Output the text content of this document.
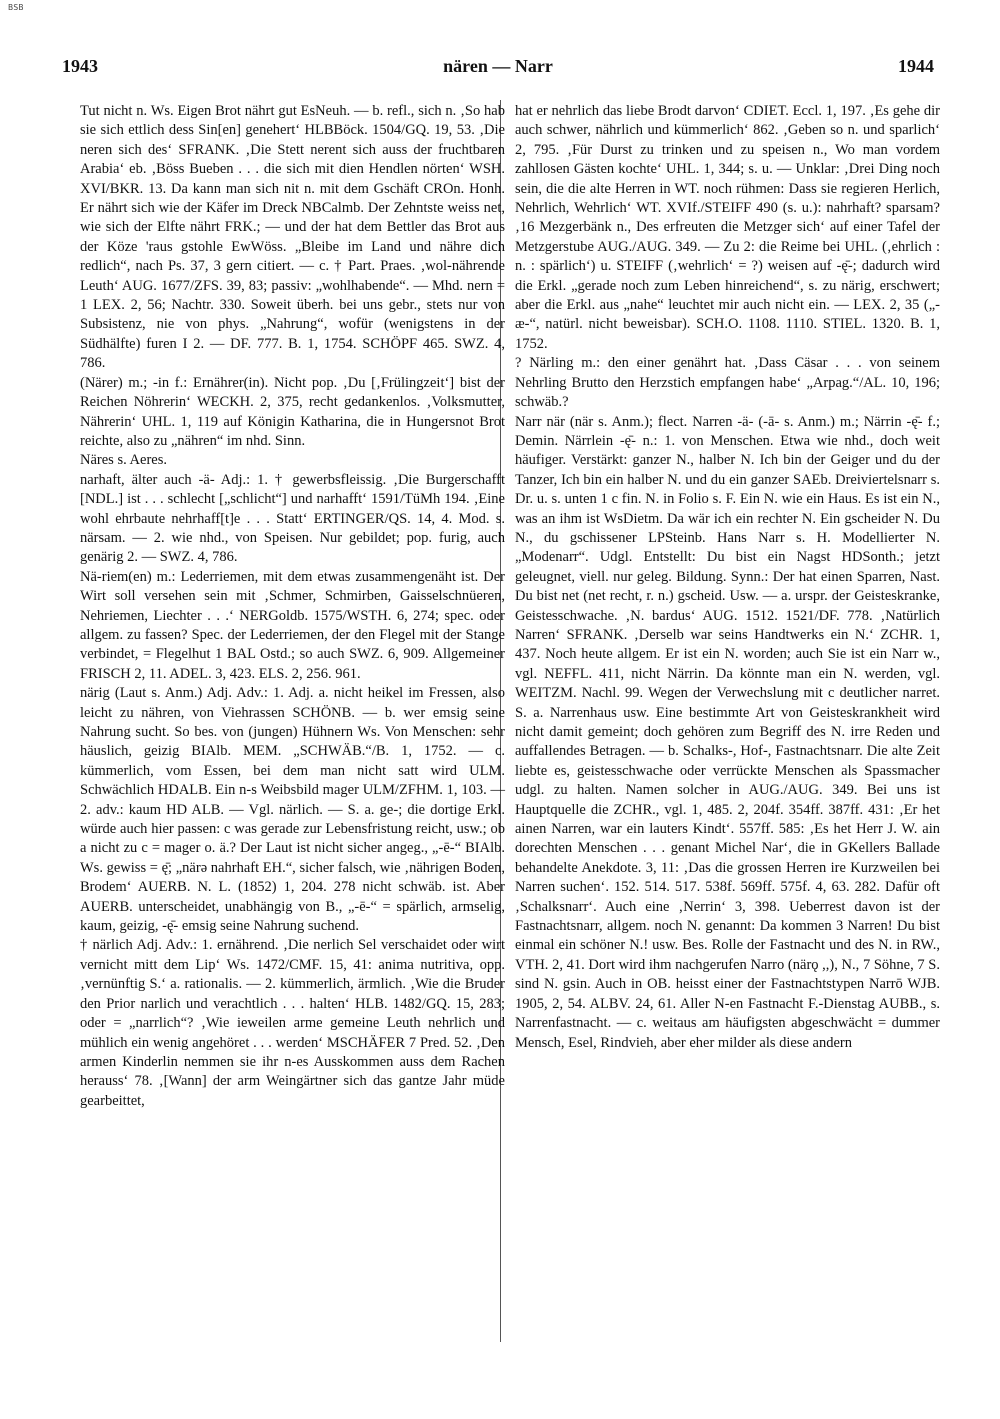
BSB
1943	nären — Narr	1944

Tut nicht n. Ws. Eigen Brot nährt gut EsNeuh. — b. refl., sich n. ‚So hab sie sich ettlich dess Sin[en] genehert‘ HLBBöck. 1504/GQ. 19, 53. ‚Die neren sich des‘ SFRANK. ‚Die Stett nerent sich auss der fruchtbaren Arabia‘ eb. ‚Böss Bueben . . . die sich mit dien Hendlen nörten‘ WSH. XVI/BKR. 13. Da kann man sich nit n. mit dem Gschäft CROn. Honh. Er nährt sich wie der Käfer im Dreck NBCalmb. Der Zehntste weiss net, wie sich der Elfte nährt FRK.; — und der hat dem Bettler das Brot aus der Köze 'raus gstohle EwWöss. „Bleibe im Land und nähre dich redlich“, nach Ps. 37, 3 gern citiert. — c. † Part. Praes. ‚wol-nährende Leuth‘ AUG. 1677/ZFS. 39, 83; passiv: „wohlhabende“. — Mhd. nern = 1 LEX. 2, 56; Nachtr. 330. Soweit überh. bei uns gebr., stets nur von Subsistenz, nie von phys. „Nahrung“, wofür (wenigstens in der Südhälfte) furen I 2. — DF. 777. B. 1, 1754. SCHÖPF 465. SWZ. 4, 786.

(Närer) m.; -in f.: Ernährer(in). Nicht pop. ‚Du [‚Frülingzeit‘] bist der Reichen Nöhrerin‘ WECKH. 2, 375, recht gedankenlos. ‚Volksmutter, Nährerin‘ UHL. 1, 119 auf Königin Katharina, die in Hungersnot Brot reichte, also zu „nähren“ im nhd. Sinn.

Näres s. Aeres.

narhaft, älter auch -ä- Adj.: 1. † gewerbsfleissig. ‚Die Burgerschafft [NDL.] ist . . . schlecht [„schlicht“] und narhafft‘ 1591/TüMh 194. ‚Eine wohl ehrbaute nehrhaff[t]e . . . Statt‘ ERTINGER/QS. 14, 4. Mod. s. närsam. — 2. wie nhd., von Speisen. Nur gebildet; pop. furig, auch genärig 2. — SWZ. 4, 786.

Nä-riem(en) m.: Lederriemen, mit dem etwas zusammengenäht ist. Der Wirt soll versehen sein mit ‚Schmer, Schmirben, Gaisselschnüeren, Nehriemen, Liechter . . .‘ NERGoldb. 1575/WSTH. 6, 274; spec. oder allgem. zu fassen? Spec. der Lederriemen, der den Flegel mit der Stange verbindet, = Flegelhut 1 BAL Ostd.; so auch SWZ. 6, 909. Allgemeiner FRISCH 2, 11. ADEL. 3, 423. ELS. 2, 256. 961.

närig (Laut s. Anm.) Adj. Adv.: 1. Adj. a. nicht heikel im Fressen, also leicht zu nähren, von Viehrassen SCHÖNB. — b. wer emsig seine Nahrung sucht. So bes. von (jungen) Hühnern Ws. Von Menschen: sehr häuslich, geizig BIAlb. MEM. „SCHWÄB.“/B. 1, 1752. — c. kümmerlich, vom Essen, bei dem man nicht satt wird ULM. Schwächlich HDALB. Ein n-s Weibsbild mager ULM/ZFHM. 1, 103. — 2. adv.: kaum HD ALB. — Vgl. närlich. — S. a. ge-; die dortige Erkl. würde auch hier passen: c was gerade zur Lebensfristung reicht, usw.; ob a nicht zu c = mager o. ä.? Der Laut ist nicht sicher angeg., „-ē-“ BIAlb. Ws. gewiss = ę̄; „närə nahrhaft EH.“, sicher falsch, wie ‚nährigen Boden, Brodem‘ AUERB. N. L. (1852) 1, 204. 278 nicht schwäb. ist. Aber AUERB. unterscheidet, unabhängig von B., „-ē-“ = spärlich, armselig, kaum, geizig, -ę̄- emsig seine Nahrung suchend.

† närlich Adj. Adv.: 1. ernährend. ‚Die nerlich Sel verschaidet oder wirt vernicht mitt dem Lip‘ Ws. 1472/CMF. 15, 41: anima nutritiva, opp. ‚vernünftig S.‘ a. rationalis. — 2. kümmerlich, ärmlich. ‚Wie die Bruder den Prior narlich und verachtlich . . . halten‘ HLB. 1482/GQ. 15, 283; oder = „narrlich“? ‚Wie ieweilen arme gemeine Leuth nehrlich und mühlich ein wenig angehöret . . . werden‘ MSCHÄFER 7 Pred. 52. ‚Den armen Kinderlin nemmen sie ihr n-es Ausskommen auss dem Rachen herauss‘ 78. ‚[Wann] der arm Weingärtner sich das gantze Jahr müde gearbeittet,

hat er nehrlich das liebe Brodt darvon‘ CDIET. Eccl. 1, 197. ‚Es gehe dir auch schwer, nährlich und kümmerlich‘ 862. ‚Geben so n. und sparlich‘ 2, 795. ‚Für Durst zu trinken und zu speisen n., Wo man vordem zahllosen Gästen kochte‘ UHL. 1, 344; s. u. — Unklar: ‚Drei Ding noch sein, die die alte Herren in WT. noch rühmen: Dass sie regieren Herlich, Nehrlich, Wehrlich‘ WT. XVIf./STEIFF 490 (s. u.): nahrhaft? sparsam? ‚16 Mezgerbänk n., Des erfreuten die Metzger sich‘ auf einer Tafel der Metzgerstube AUG./AUG. 349. — Zu 2: die Reime bei UHL. (‚ehrlich : n. : spärlich‘) u. STEIFF (‚wehrlich‘ = ?) weisen auf -ę̄-; dadurch wird die Erkl. „gerade noch zum Leben hinreichend“, s. zu närig, erschwert; aber die Erkl. aus „nahe“ leuchtet mir auch nicht ein. — LEX. 2, 35 („-æ-“, natürl. nicht beweisbar). SCH.O. 1108. 1110. STIEL. 1320. B. 1, 1752.

? Närling m.: den einer genährt hat. ‚Dass Cäsar . . . von seinem Nehrling Brutto den Herzstich empfangen habe‘ „Arpag.“/AL. 10, 196; schwäb.?

Narr när (när s. Anm.); flect. Narren -ä- (-ā- s. Anm.) m.; Närrin -ę̄- f.; Demin. Närrlein -ę̄- n.: 1. von Menschen. Etwa wie nhd., doch weit häufiger. Verstärkt: ganzer N., halber N. Ich bin der Geiger und du der Tanzer, Ich bin ein halber N. und du ein ganzer SAEb. Dreiviertelsnarr s. Dr. u. s. unten 1 c fin. N. in Folio s. F. Ein N. wie ein Haus. Es ist ein N., was an ihm ist WsDietm. Da wär ich ein rechter N. Ein gscheider N. Du N., du gschissener LPSteinb. Hans Narr s. H. Modellierter N. „Modenarr“. Udgl. Entstellt: Du bist ein Nagst HDSonth.; jetzt geleugnet, viell. nur geleg. Bildung. Synn.: Der hat einen Sparren, Nast. Du bist net (net recht, r. n.) gscheid. Usw. — a. urspr. der Geisteskranke, Geistesschwache. ‚N. bardus‘ AUG. 1512. 1521/DF. 778. ‚Natürlich Narren‘ SFRANK. ‚Derselb war seins Handtwerks ein N.‘ ZCHR. 1, 437. Noch heute allgem. Er ist ein N. worden; auch Sie ist ein Narr w., vgl. NEFFL. 411, nicht Närrin. Da könnte man ein N. werden, vgl. WEITZM. Nachl. 99. Wegen der Verwechslung mit c deutlicher narret. S. a. Narrenhaus usw. Eine bestimmte Art von Geisteskrankheit wird nicht damit gemeint; doch gehören zum Begriff des N. irre Reden und auffallendes Betragen. — b. Schalks-, Hof-, Fastnachtsnarr. Die alte Zeit liebte es, geistesschwache oder verrückte Menschen als Spassmacher udgl. zu halten. Namen solcher in AUG./AUG. 349. Bei uns ist Hauptquelle die ZCHR., vgl. 1, 485. 2, 204f. 354ff. 387ff. 431: ‚Er het ainen Narren, war ein lauters Kindt‘. 557ff. 585: ‚Es het Herr J. W. ain dorechten Menschen . . . genant Michel Nar‘, die in GKellers Ballade behandelte Anekdote. 3, 11: ‚Das die grossen Herren ire Kurzweilen bei Narren suchen‘. 152. 514. 517. 538f. 569ff. 575f. 4, 63. 282. Dafür oft ‚Schalksnarr‘. Auch eine ‚Nerrin‘ 3, 398. Ueberrest davon ist der Fastnachtsnarr, allgem. noch N. genannt: Da kommen 3 Narren! Du bist einmal ein schöner N.! usw. Bes. Rolle der Fastnacht und des N. in RW., VTH. 2, 41. Dort wird ihm nachgerufen Narro (närǫ ,,), N., 7 Söhne, 7 S. sind N. gsin. Auch in OB. heisst einer der Fastnachtstypen Narrō WJB. 1905, 2, 54. ALBV. 24, 61. Aller N-en Fastnacht F.-Dienstag AUBB., s. Narrenfastnacht. — c. weitaus am häufigsten abgeschwächt = dummer Mensch, Esel, Rindvieh, aber eher milder als diese andern
